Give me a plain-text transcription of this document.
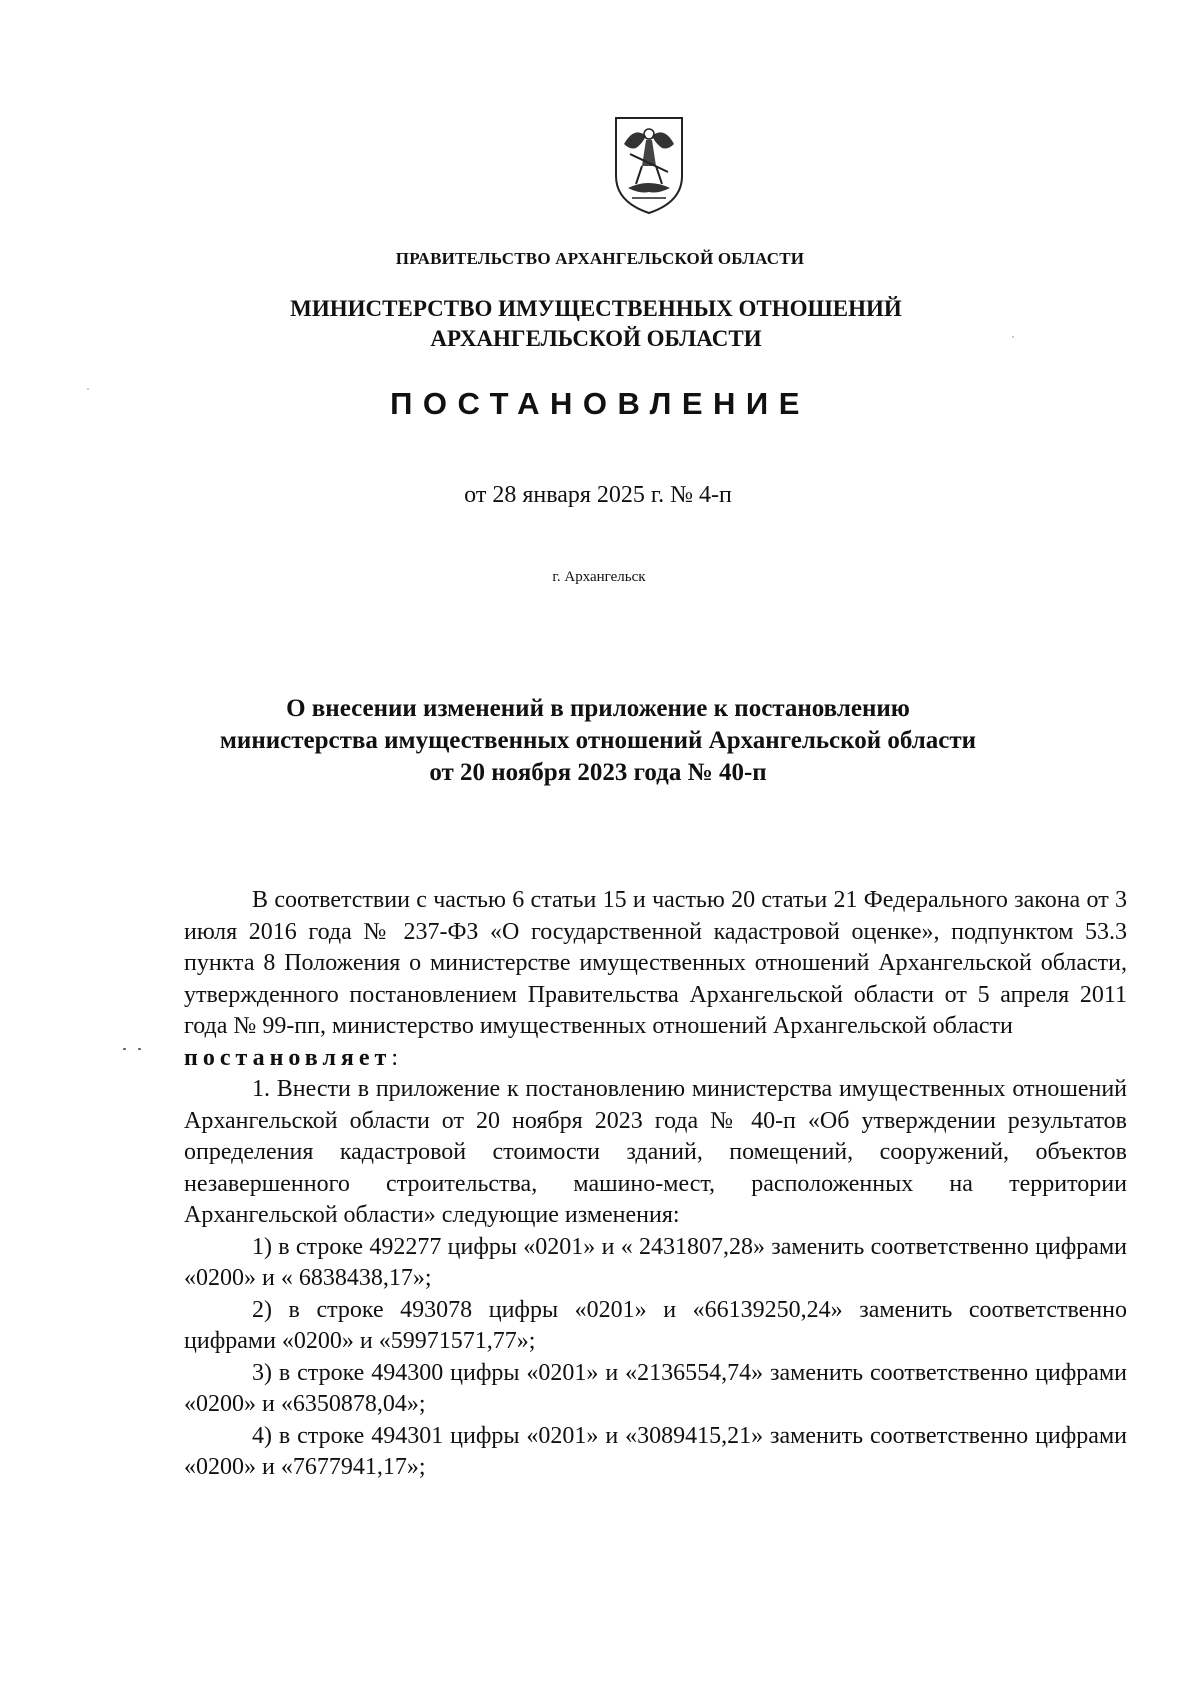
ПРАВИТЕЛЬСТВО АРХАНГЕЛЬСКОЙ ОБЛАСТИ

МИНИСТЕРСТВО ИМУЩЕСТВЕННЫХ ОТНОШЕНИЙ
АРХАНГЕЛЬСКОЙ ОБЛАСТИ

ПОСТАНОВЛЕНИЕ

от 28 января 2025 г. № 4-п

г. Архангельск

О внесении изменений в приложение к постановлению
министерства имущественных отношений Архангельской области
от 20 ноября 2023 года № 40-п

В соответствии с частью 6 статьи 15 и частью 20 статьи 21 Федерального закона от 3 июля 2016 года № 237-ФЗ «О государственной кадастровой оценке», подпунктом 53.3 пункта 8 Положения о министерстве имущественных отношений Архангельской области, утвержденного постановлением Правительства Архангельской области от 5 апреля 2011 года № 99-пп, министерство имущественных отношений Архангельской области

постановляет:

1. Внести в приложение к постановлению министерства имущественных отношений Архангельской области от 20 ноября 2023 года № 40-п «Об утверждении результатов определения кадастровой стоимости зданий, помещений, сооружений, объектов незавершенного строительства, машино-мест, расположенных на территории Архангельской области» следующие изменения:

1) в строке 492277 цифры «0201» и « 2431807,28» заменить соответственно цифрами «0200» и « 6838438,17»;

2) в строке 493078 цифры «0201» и «66139250,24» заменить соответственно цифрами «0200» и «59971571,77»;

3) в строке 494300 цифры «0201» и «2136554,74» заменить соответственно цифрами «0200» и «6350878,04»;

4) в строке 494301 цифры «0201» и «3089415,21» заменить соответственно цифрами «0200» и «7677941,17»;
